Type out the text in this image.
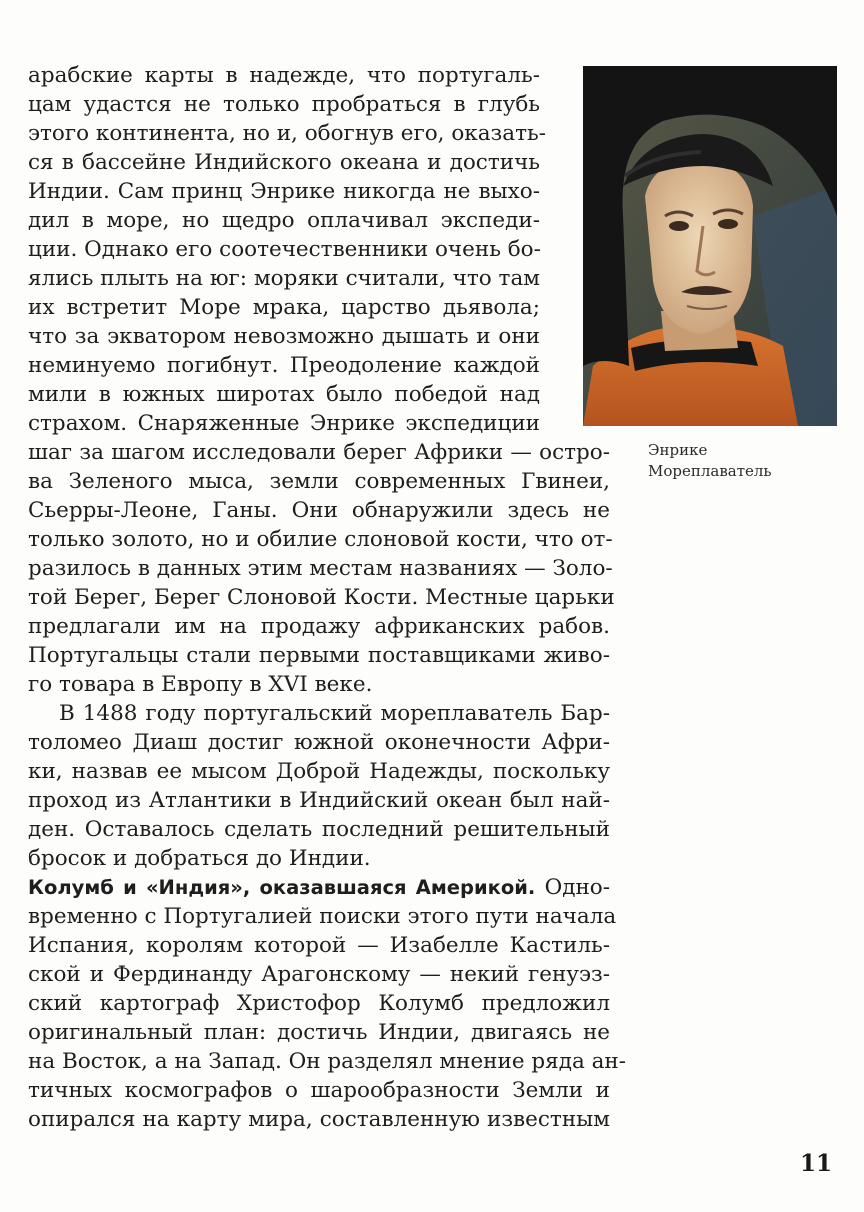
арабские карты в надежде, что португаль-
цам удастся не только пробраться в глубь
этого континента, но и, обогнув его, оказать-
ся в бассейне Индийского океана и достичь
Индии. Сам принц Энрике никогда не выхо-
дил в море, но щедро оплачивал экспеди-
ции. Однако его соотечественники очень бо-
ялись плыть на юг: моряки считали, что там
их встретит Море мрака, царство дьявола;
что за экватором невозможно дышать и они
неминуемо погибнут. Преодоление каждой
мили в южных широтах было победой над
страхом. Снаряженные Энрике экспедиции
шаг за шагом исследовали берег Африки — остро-
ва Зеленого мыса, земли современных Гвинеи,
Сьерры-Леоне, Ганы. Они обнаружили здесь не
только золото, но и обилие слоновой кости, что от-
разилось в данных этим местам названиях — Золо-
той Берег, Берег Слоновой Кости. Местные царьки
предлагали им на продажу африканских рабов.
Португальцы стали первыми поставщиками живо-
го товара в Европу в XVI веке.
В 1488 году португальский мореплаватель Бар-
толомео Диаш достиг южной оконечности Афри-
ки, назвав ее мысом Доброй Надежды, поскольку
проход из Атлантики в Индийский океан был най-
ден. Оставалось сделать последний решительный
бросок и добраться до Индии.
Колумб и «Индия», оказавшаяся Америкой. Одно-
временно с Португалией поиски этого пути начала
Испания, королям которой — Изабелле Кастиль-
ской и Фердинанду Арагонскому — некий генуэз-
ский картограф Христофор Колумб предложил
оригинальный план: достичь Индии, двигаясь не
на Восток, а на Запад. Он разделял мнение ряда ан-
тичных космографов о шарообразности Земли и
опирался на карту мира, составленную известным
Энрике
Мореплаватель
11
